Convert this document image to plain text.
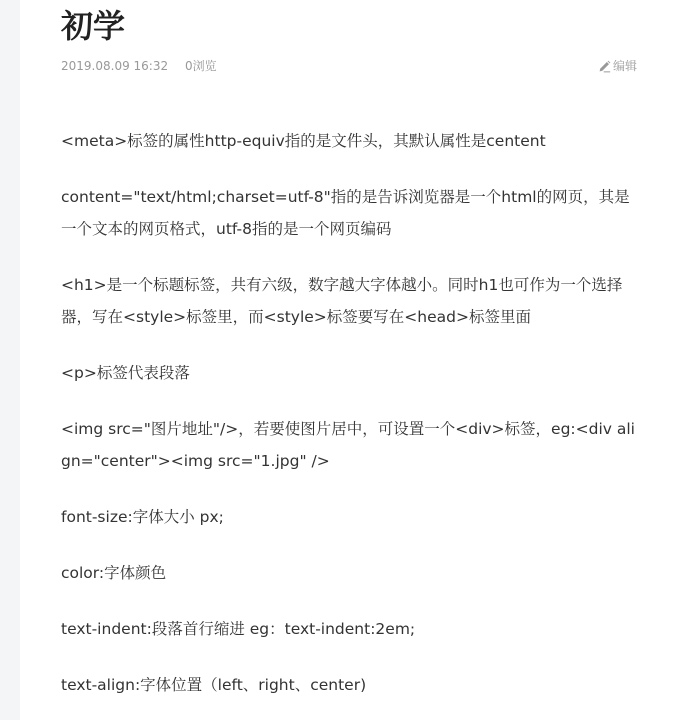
初学
2019.08.09 16:32 0浏览	编辑

<meta>标签的属性http-equiv指的是文件头，其默认属性是centent

content="text/html;charset=utf-8"指的是告诉浏览器是一个html的网页，其是一个文本的网页格式，utf-8指的是一个网页编码

<h1>是一个标题标签，共有六级，数字越大字体越小。同时h1也可作为一个选择器，写在<style>标签里，而<style>标签要写在<head>标签里面

<p>标签代表段落

<img src="图片地址"/>，若要使图片居中，可设置一个<div>标签，eg:<div align="center"><img src="1.jpg" />

font-size:字体大小 px;

color:字体颜色

text-indent:段落首行缩进 eg：text-indent:2em;

text-align:字体位置（left、right、center)
